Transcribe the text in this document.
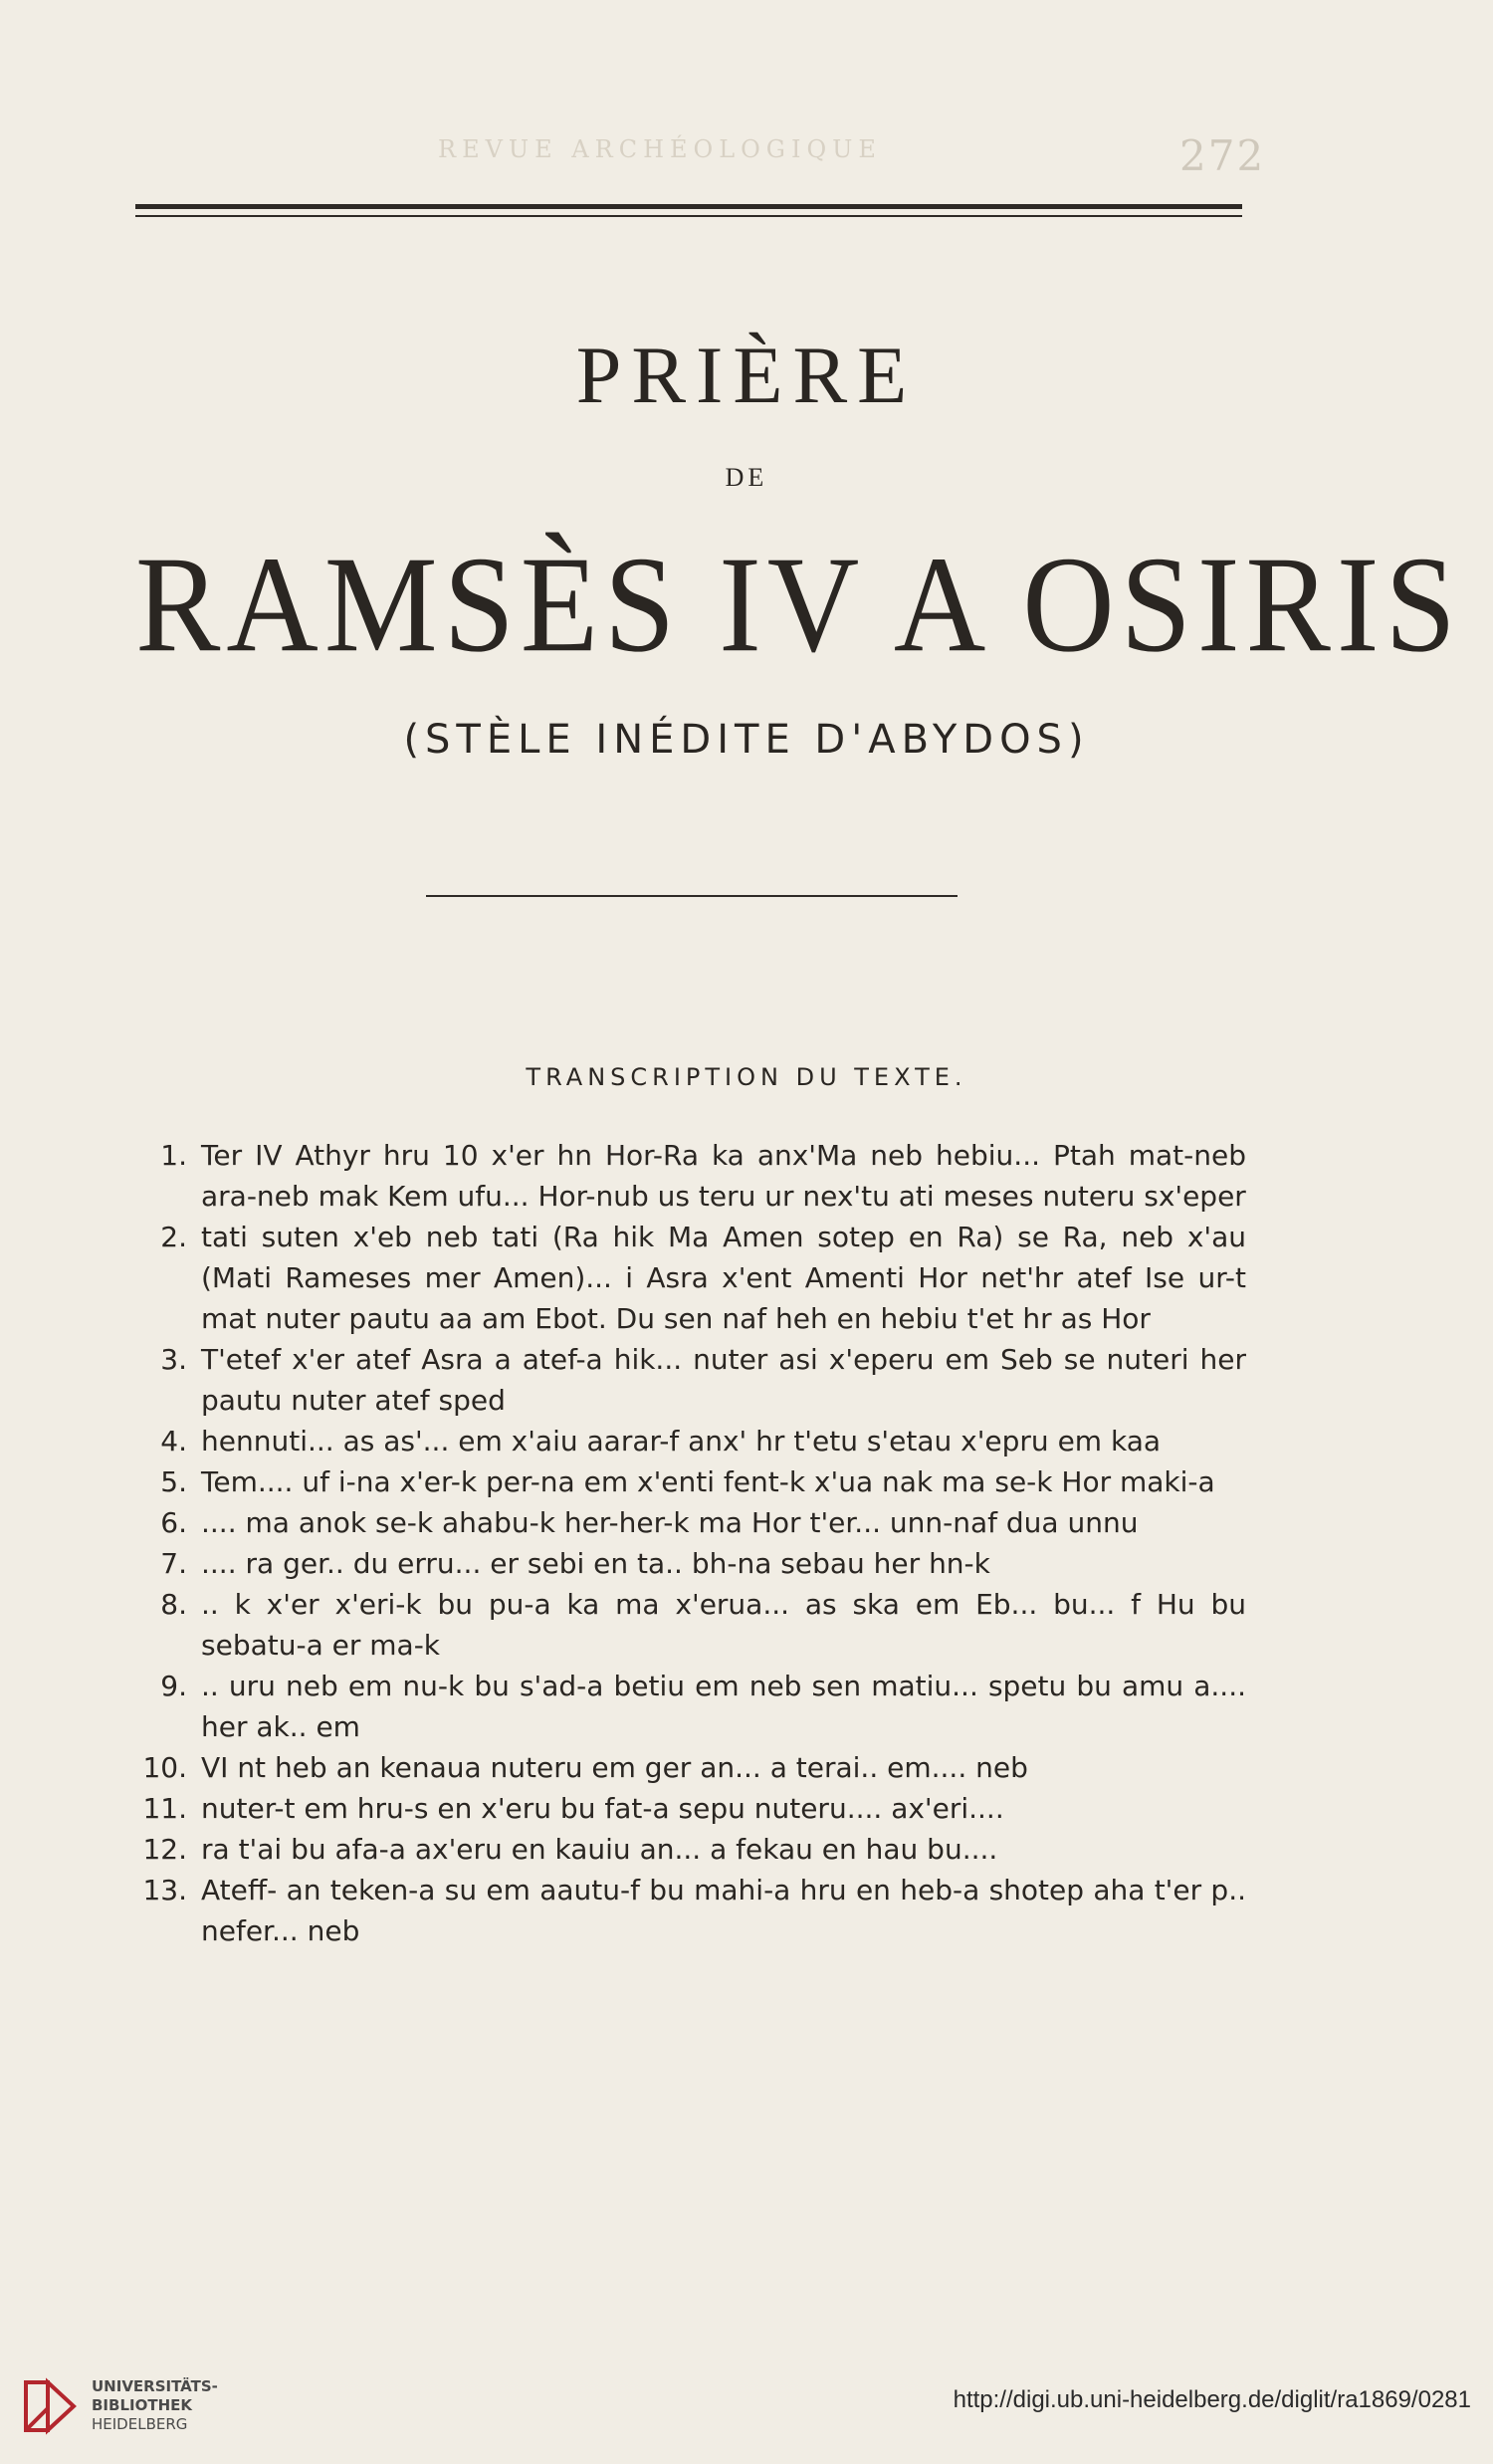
272
REVUE ARCHÉOLOGIQUE
PRIÈRE
DE
RAMSÈS IV A OSIRIS
(STÈLE INÉDITE D'ABYDOS)
TRANSCRIPTION DU TEXTE.
1. Ter IV Athyr hru 10 x'er hn Hor-Ra ka anx'Ma neb hebiu... Ptah mat-neb ara-neb mak Kem ufu... Hor-nub us teru ur nex'tu ati meses nuteru sx'eper
2. tati suten x'eb neb tati (Ra hik Ma Amen sotep en Ra) se Ra, neb x'au (Mati Rameses mer Amen)... i Asra x'ent Amenti Hor net'hr atef Ise ur-t mat nuter pautu aa am Ebot. Du sen naf heh en hebiu t'et hr as Hor
3. T'etef x'er atef Asra a atef-a hik... nuter asi x'eperu em Seb se nuteri her pautu nuter atef sped
4. hennuti... as as'... em x'aiu aarar-f anx' hr t'etu s'etau x'epru em kaa
5. Tem.... uf i-na x'er-k per-na em x'enti fent-k x'ua nak ma se-k Hor maki-a
6. .... ma anok se-k ahabu-k her-her-k ma Hor t'er... unn-naf dua unnu
7. .... ra ger.. du erru... er sebi en ta.. bh-na sebau her hn-k
8. .. k x'er x'eri-k bu pu-a ka ma x'erua... as ska em Eb... bu... f Hu bu sebatu-a er ma-k
9. .. uru neb em nu-k bu s'ad-a betiu em neb sen matiu... spetu bu amu a.... her ak.. em
10. VI nt heb an kenaua nuteru em ger an... a terai.. em.... neb
11. nuter-t em hru-s en x'eru bu fat-a sepu nuteru.... ax'eri....
12. ra t'ai bu afa-a ax'eru en kauiu an... a fekau en hau bu....
13. Ateff- an teken-a su em aautu-f bu mahi-a hru en heb-a shotep aha t'er p.. nefer... neb
UNIVERSITÄTS-
BIBLIOTHEK
HEIDELBERG
http://digi.ub.uni-heidelberg.de/diglit/ra1869/0281
